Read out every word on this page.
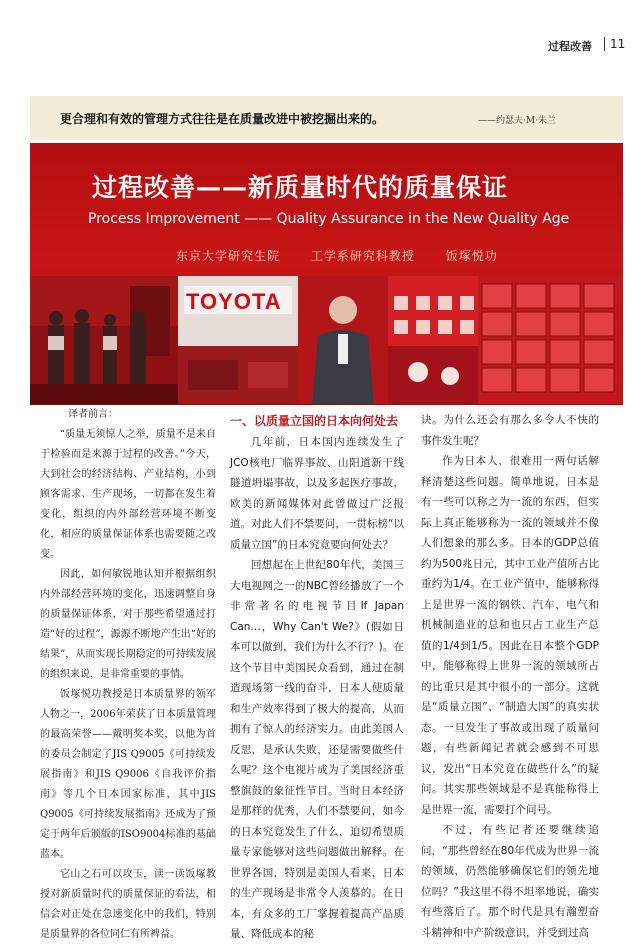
过程改善 11
更合理和有效的管理方式往往是在质量改进中被挖掘出来的。	——约瑟夫·M·朱兰
过程改善——新质量时代的质量保证
Process Improvement —— Quality Assurance in the New Quality Age
东京大学研究生院	工学系研究科教授	饭塚悦功
TOYOTA

译者前言：

“质量无须惊人之举，质量不是来自于检验而是来源于过程的改善。”今天，大到社会的经济结构、产业结构，小到顾客需求、生产现场，一切都在发生着变化，组织的内外部经营环境不断变化，相应的质量保证体系也需要随之改变。

因此，如何敏锐地认知并根据组织内外部经营环境的变化，迅速调整自身的质量保证体系，对于那些希望通过打造“好的过程”，源源不断地产生出“好的结果”，从而实现长期稳定的可持续发展的组织来说，是非常重要的事情。

饭塚悦功教授是日本质量界的领军人物之一，2006年荣获了日本质量管理的最高荣誉——戴明奖本奖，以他为首的委员会制定了JIS Q9005《可持续发展指南》和JIS Q9006《自我评价指南》等几个日本国家标准，其中JIS Q9005《可持续发展指南》还成为了预定于两年后颁版的ISO9004标准的基础蓝本。

它山之石可以攻玉，读一读饭塚教授对新质量时代的质量保证的看法，相信会对正处在急速变化中的我们，特别是质量界的各位同仁有所裨益。

一、以质量立国的日本向何处去

几年前，日本国内连续发生了JCO核电厂临界事故、山阳道新干线隧道坍塌事故，以及多起医疗事故，欧美的新闻媒体对此曾做过广泛报道。对此人们不禁要问，一贯标榜“以质量立国”的日本究竟要向何处去？

回想起在上世纪80年代，美国三大电视网之一的NBC曾经播放了一个非常著名的电视节目If Japan Can…，Why Can't We?》(假如日本可以做到，我们为什么不行？)。在这个节目中美国民众看到，通过在制造现场第一线的奋斗，日本人使质量和生产效率得到了极大的提高，从而拥有了惊人的经济实力。由此美国人反思，是承认失败，还是需要做些什么呢？这个电视片成为了美国经济重整旗鼓的象征性节目。当时日本经济是那样的优秀，人们不禁要问，如今的日本究竟发生了什么，迫切希望质量专家能够对这些问题做出解释。在世界各国，特别是美国人看来，日本的生产现场是非常令人羡慕的。在日本，有众多的工厂掌握着提高产品质量、降低成本的秘

诀。为什么还会有那么多令人不快的事件发生呢？

作为日本人，很难用一两句话解释清楚这些问题。简单地说，日本是有一些可以称之为一流的东西，但实际上真正能够称为一流的领域并不像人们想象的那么多。日本的GDP总值约为500兆日元，其中工业产值所占比重约为1/4。在工业产值中，能够称得上是世界一流的钢铁、汽车、电气和机械制造业的总和也只占工业生产总值的1/4到1/5。因此在日本整个GDP中，能够称得上世界一流的领域所占的比重只是其中很小的一部分。这就是“质量立国”、“制造大国”的真实状态。一旦发生了事故或出现了质量问题，有些新闻记者就会感到不可思议，发出“日本究竟在做些什么”的疑问。其实那些领域是不是真能称得上是世界一流，需要打个问号。

不过，有些记者还要继续追问，“那些曾经在80年代成为世界一流的领域，仍然能够确保它们的领先地位吗？”我这里不得不坦率地说，确实有些落后了。那个时代是具有瀚塑奋斗精神和中产阶级意识，并受到过高
